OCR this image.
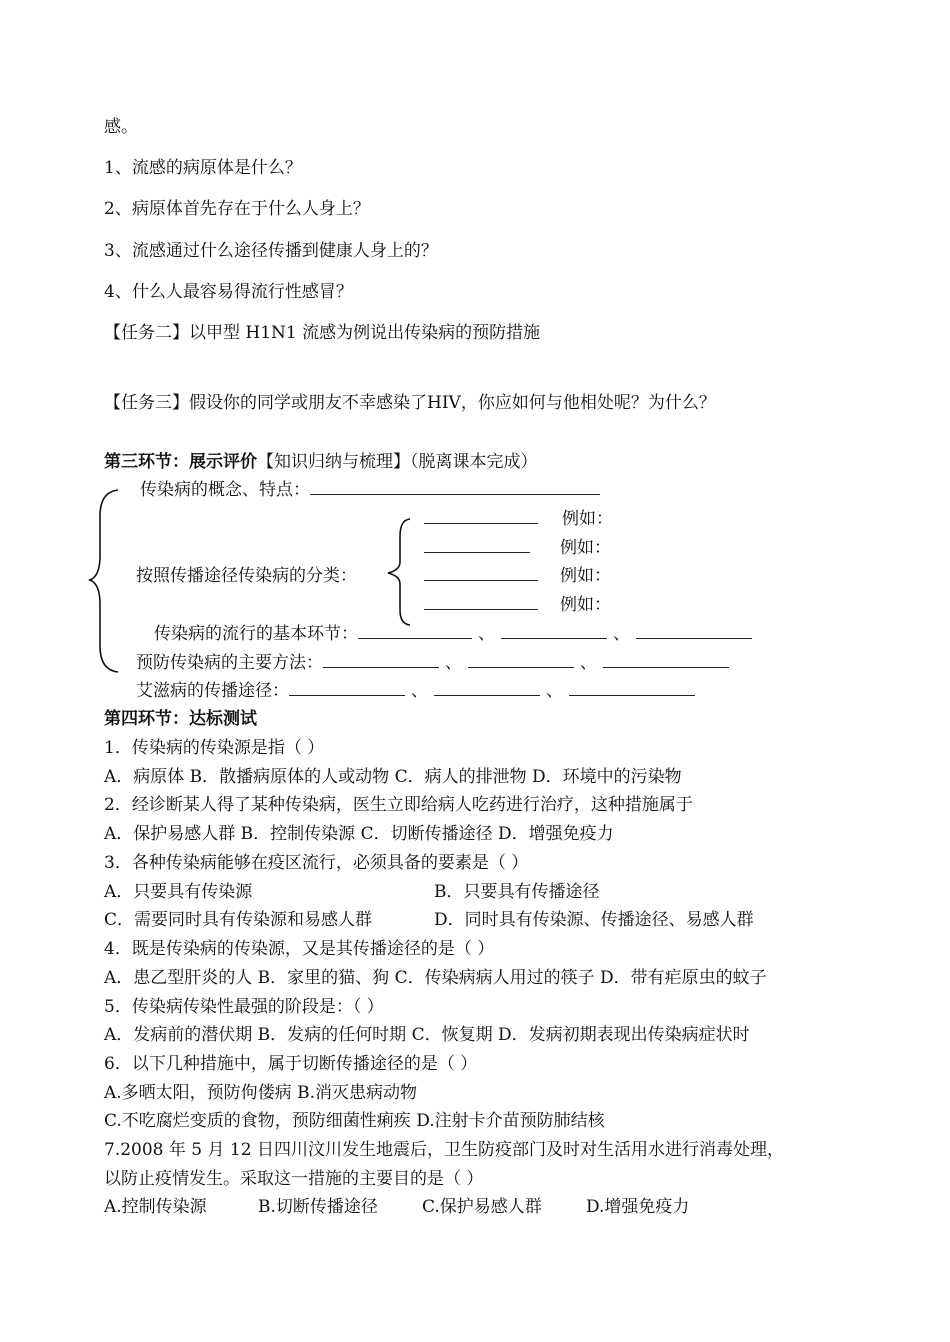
感。
1、流感的病原体是什么？
2、病原体首先存在于什么人身上？
3、流感通过什么途径传播到健康人身上的？
4、什么人最容易得流行性感冒？
【任务二】以甲型 H1N1 流感为例说出传染病的预防措施
【任务三】假设你的同学或朋友不幸感染了HIV，你应如何与他相处呢？为什么？
第三环节：展示评价【知识归纳与梳理】（脱离课本完成）
传染病的概念、特点：
例如：
例如：
按照传播途径传染病的分类：	例如：
例如：
传染病的流行的基本环节：	、	、
预防传染病的主要方法：	、	、
艾滋病的传播途径：	、	、
第四环节：达标测试
1．传染病的传染源是指（ ）
A．病原体 B．散播病原体的人或动物 C．病人的排泄物 D．环境中的污染物
2．经诊断某人得了某种传染病，医生立即给病人吃药进行治疗，这种措施属于
A．保护易感人群 B．控制传染源 C．切断传播途径 D．增强免疫力
3．各种传染病能够在疫区流行，必须具备的要素是（ ）
A．只要具有传染源	B．只要具有传播途径
C．需要同时具有传染源和易感人群	D．同时具有传染源、传播途径、易感人群
4．既是传染病的传染源，又是其传播途径的是（ ）
A．患乙型肝炎的人 B．家里的猫、狗 C．传染病病人用过的筷子 D．带有疟原虫的蚊子
5．传染病传染性最强的阶段是：（ ）
A．发病前的潜伏期 B．发病的任何时期 C．恢复期 D．发病初期表现出传染病症状时
6．以下几种措施中，属于切断传播途径的是（ ）
A.多晒太阳，预防佝偻病 B.消灭患病动物
C.不吃腐烂变质的食物，预防细菌性痢疾 D.注射卡介苗预防肺结核
7.2008 年 5 月 12 日四川汶川发生地震后，卫生防疫部门及时对生活用水进行消毒处理，
以防止疫情发生。采取这一措施的主要目的是（ ）
A.控制传染源	B.切断传播途径	C.保护易感人群	D.增强免疫力
